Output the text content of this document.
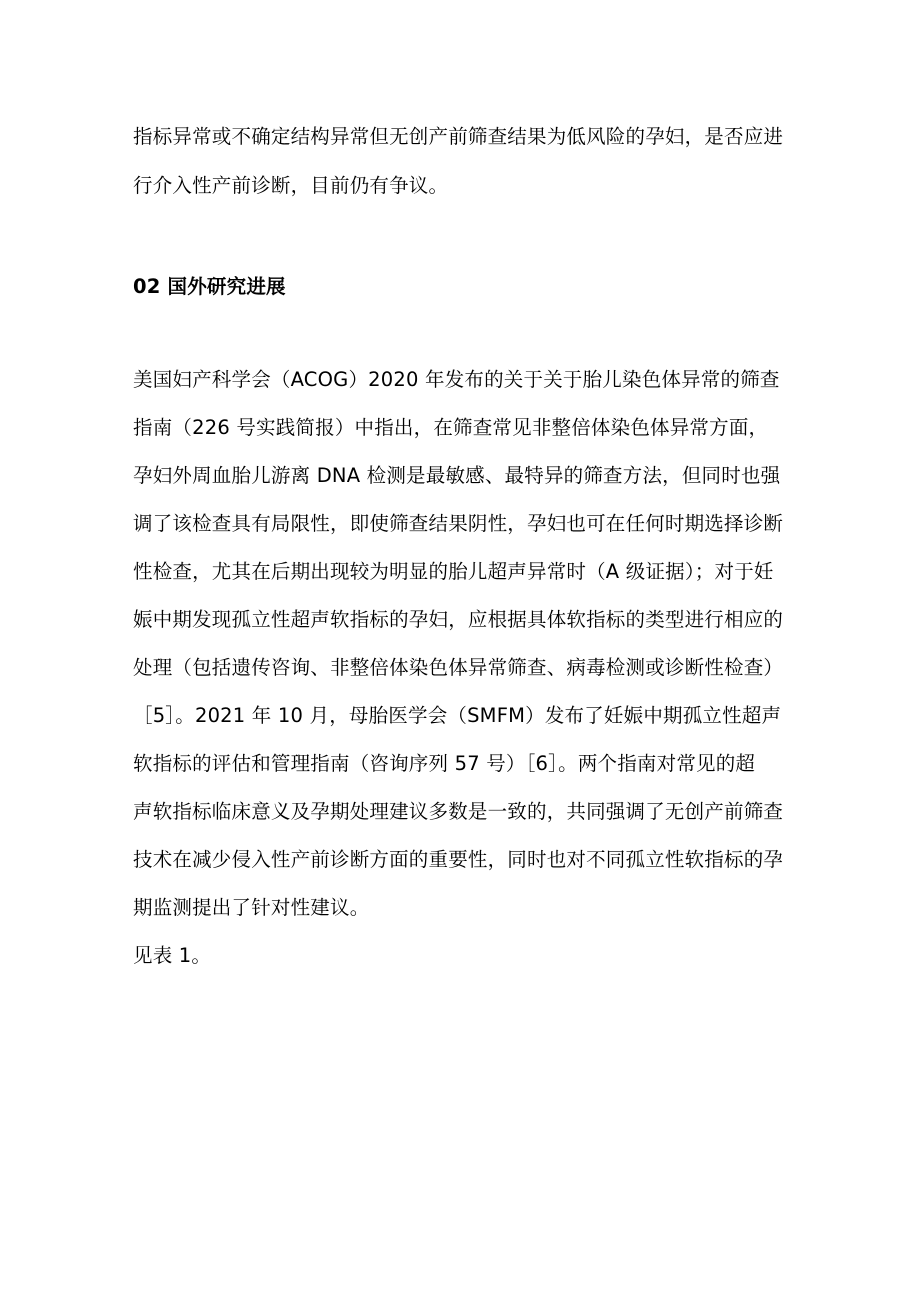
指标异常或不确定结构异常但无创产前筛查结果为低风险的孕妇，是否应进
行介入性产前诊断，目前仍有争议。
02 国外研究进展
美国妇产科学会（ACOG）2020 年发布的关于关于胎儿染色体异常的筛查
指南（226 号实践简报）中指出，在筛查常见非整倍体染色体异常方面，
孕妇外周血胎儿游离 DNA 检测是最敏感、最特异的筛查方法，但同时也强
调了该检查具有局限性，即使筛查结果阴性，孕妇也可在任何时期选择诊断
性检查，尤其在后期出现较为明显的胎儿超声异常时（A 级证据）；对于妊
娠中期发现孤立性超声软指标的孕妇，应根据具体软指标的类型进行相应的
处理（包括遗传咨询、非整倍体染色体异常筛查、病毒检测或诊断性检查）
［5］。2021 年 10 月，母胎医学会（SMFM）发布了妊娠中期孤立性超声
软指标的评估和管理指南（咨询序列 57 号）［6］。两个指南对常见的超
声软指标临床意义及孕期处理建议多数是一致的，共同强调了无创产前筛查
技术在减少侵入性产前诊断方面的重要性，同时也对不同孤立性软指标的孕
期监测提出了针对性建议。
见表 1。
